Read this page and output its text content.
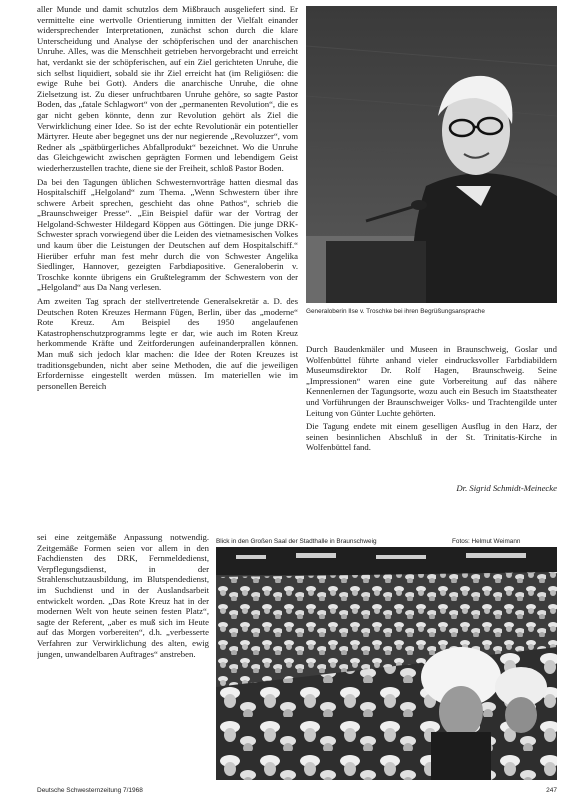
aller Munde und damit schutzlos dem Mißbrauch ausgeliefert sind. Er vermittelte eine wertvolle Orientierung inmitten der Vielfalt einander widersprechender Interpretationen, zunächst schon durch die klare Unterscheidung und Analyse der schöpferischen und der anarchischen Unruhe. Alles, was die Menschheit getrieben hervorgebracht und erreicht hat, verdankt sie der schöpferischen, auf ein Ziel gerichteten Unruhe, die sich selbst liquidiert, sobald sie ihr Ziel erreicht hat (im Religiösen: die ewige Ruhe bei Gott). Anders die anarchische Unruhe, die ohne Zielsetzung ist. Zu dieser unfruchtbaren Unruhe gehöre, so sagte Pastor Boden, das „fatale Schlagwort“ von der „permanenten Revolution“, die es gar nicht geben könnte, denn zur Revolution gehört als Ziel die Verwirklichung einer Idee. So ist der echte Revolutionär ein potentieller Märtyrer. Heute aber begegnet uns der nur negierende „Revoluzzer“, vom Redner als „spätbürgerliches Abfallprodukt“ bezeichnet. Wo die Unruhe das Gleichgewicht zwischen geprägten Formen und lebendigem Geist wiederherzustellen trachte, diene sie der Freiheit, schloß Pastor Boden.

Da bei den Tagungen üblichen Schwesternvorträge hatten diesmal das Hospitalschiff „Helgoland“ zum Thema. „Wenn Schwestern über ihre schwere Arbeit sprechen, geschieht das ohne Pathos“, schrieb die „Braunschweiger Presse“. „Ein Beispiel dafür war der Vortrag der Helgoland-Schwester Hildegard Köppen aus Göttingen. Die junge DRK-Schwester sprach vorwiegend über die Leiden des vietnamesischen Volkes und kaum über die Leistungen der Deutschen auf dem Hospitalschiff.“ Hierüber erfuhr man fest mehr durch die von Schwester Angelika Siedlinger, Hannover, gezeigten Farbdiapositive. Generaloberin v. Troschke konnte übrigens ein Grußtelegramm der Schwestern von der „Helgoland“ aus Da Nang verlesen.

Am zweiten Tag sprach der stellvertretende Generalsekretär a. D. des Deutschen Roten Kreuzes Hermann Fügen, Berlin, über das „moderne“ Rote Kreuz. Am Beispiel des 1950 angelaufenen Katastrophenschutzprogramms legte er dar, wie auch im Roten Kreuz herkommende Kräfte und Zeitforderungen aufeinanderprallen können. Man muß sich jedoch klar machen: die Idee der Roten Kreuzes ist traditionsgebunden, nicht aber seine Methoden, die auf die jeweiligen Erfordernisse eingestellt werden müssen. Im materiellen wie im personellen Bereich

sei eine zeitgemäße Anpassung notwendig. Zeitgemäße Formen seien vor allem in den Fachdiensten des DRK, Fernmeldedienst, Verpflegungsdienst, in der Strahlenschutzausbildung, im Blutspendedienst, im Suchdienst und in der Auslandsarbeit entwickelt worden. „Das Rote Kreuz hat in der modernen Welt von heute seinen festen Platz“, sagte der Referent, „aber es muß sich im Heute auf das Morgen vorbereiten“, d.h. „verbesserte Verfahren zur Verwirklichung des alten, ewig jungen, unwandelbaren Auftrages“ anstreben.

Generaloberin Ilse v. Troschke bei ihren Begrüßungsansprache

Durch Baudenkmäler und Museen in Braunschweig, Goslar und Wolfenbüttel führte anhand vieler eindrucksvoller Farbdiabildern Museumsdirektor Dr. Rolf Hagen, Braunschweig. Seine „Impressionen“ waren eine gute Vorbereitung auf das nähere Kennenlernen der Tagungsorte, wozu auch ein Besuch im Staatstheater und Vorführungen der Braunschweiger Volks- und Trachtengilde unter Leitung von Günter Luchte gehörten.

Die Tagung endete mit einem geselligen Ausflug in den Harz, der seinen besinnlichen Abschluß in der St. Trinitatis-Kirche in Wolfenbüttel fand.

Dr. Sigrid Schmidt-Meinecke
Blick in den Großen Saal der Stadthalle in Braunschweig	Fotos: Helmut Weimann
Deutsche Schwesternzeitung 7/1968	247
